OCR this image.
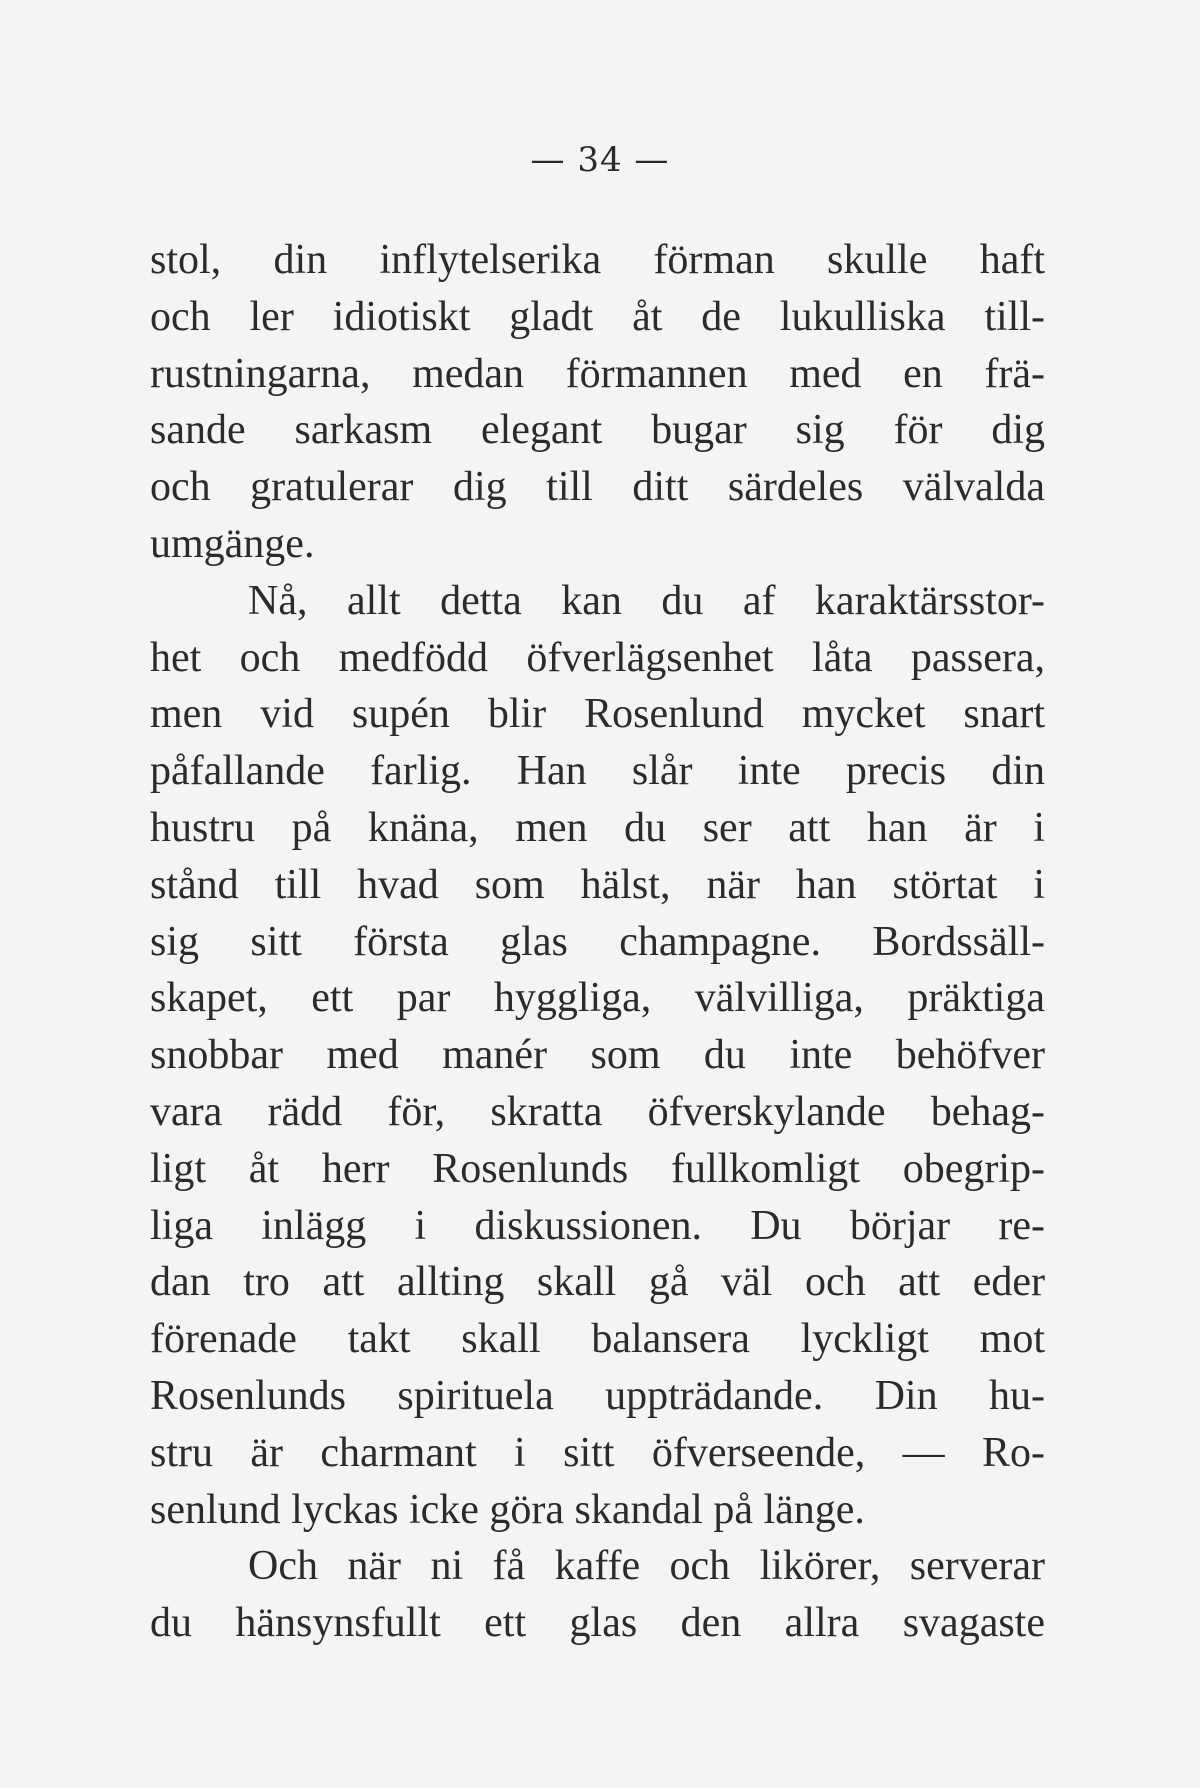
— 34 —
stol, din inflytelserika förman skulle haft
och ler idiotiskt gladt åt de lukulliska till-
rustningarna, medan förmannen med en frä-
sande sarkasm elegant bugar sig för dig
och gratulerar dig till ditt särdeles välvalda
umgänge.
Nå, allt detta kan du af karaktärsstor-
het och medfödd öfverlägsenhet låta passera,
men vid supén blir Rosenlund mycket snart
påfallande farlig. Han slår inte precis din
hustru på knäna, men du ser att han är i
stånd till hvad som hälst, när han störtat i
sig sitt första glas champagne. Bordssäll-
skapet, ett par hyggliga, välvilliga, präktiga
snobbar med manér som du inte behöfver
vara rädd för, skratta öfverskylande behag-
ligt åt herr Rosenlunds fullkomligt obegrip-
liga inlägg i diskussionen. Du börjar re-
dan tro att allting skall gå väl och att eder
förenade takt skall balansera lyckligt mot
Rosenlunds spirituela uppträdande. Din hu-
stru är charmant i sitt öfverseende, — Ro-
senlund lyckas icke göra skandal på länge.
Och när ni få kaffe och likörer, serverar
du hänsynsfullt ett glas den allra svagaste
